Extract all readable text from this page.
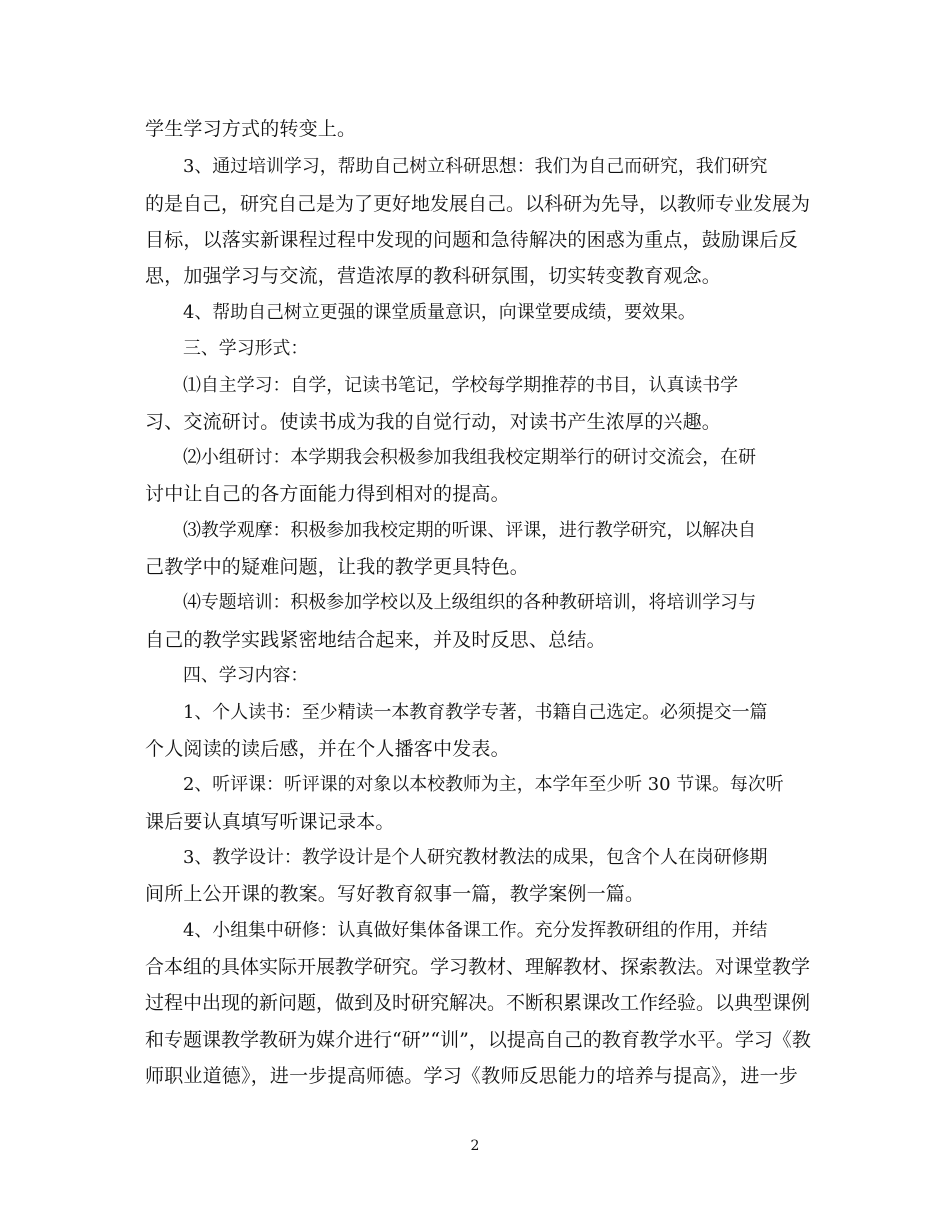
学生学习方式的转变上。
3、通过培训学习，帮助自己树立科研思想：我们为自己而研究，我们研究
的是自己，研究自己是为了更好地发展自己。以科研为先导，以教师专业发展为
目标，以落实新课程过程中发现的问题和急待解决的困惑为重点，鼓励课后反
思，加强学习与交流，营造浓厚的教科研氛围，切实转变教育观念。
4、帮助自己树立更强的课堂质量意识，向课堂要成绩，要效果。
三、学习形式：
⑴自主学习：自学，记读书笔记，学校每学期推荐的书目，认真读书学
习、交流研讨。使读书成为我的自觉行动，对读书产生浓厚的兴趣。
⑵小组研讨：本学期我会积极参加我组我校定期举行的研讨交流会，在研
讨中让自己的各方面能力得到相对的提高。
⑶教学观摩：积极参加我校定期的听课、评课，进行教学研究，以解决自
己教学中的疑难问题，让我的教学更具特色。
⑷专题培训：积极参加学校以及上级组织的各种教研培训，将培训学习与
自己的教学实践紧密地结合起来，并及时反思、总结。
四、学习内容：
1、个人读书：至少精读一本教育教学专著，书籍自己选定。必须提交一篇
个人阅读的读后感，并在个人播客中发表。
2、听评课：听评课的对象以本校教师为主，本学年至少听 30 节课。每次听
课后要认真填写听课记录本。
3、教学设计：教学设计是个人研究教材教法的成果，包含个人在岗研修期
间所上公开课的教案。写好教育叙事一篇，教学案例一篇。
4、小组集中研修：认真做好集体备课工作。充分发挥教研组的作用，并结
合本组的具体实际开展教学研究。学习教材、理解教材、探索教法。对课堂教学
过程中出现的新问题，做到及时研究解决。不断积累课改工作经验。以典型课例
和专题课教学教研为媒介进行“研”“训”，以提高自己的教育教学水平。学习《教
师职业道德》，进一步提高师德。学习《教师反思能力的培养与提高》，进一步
2
